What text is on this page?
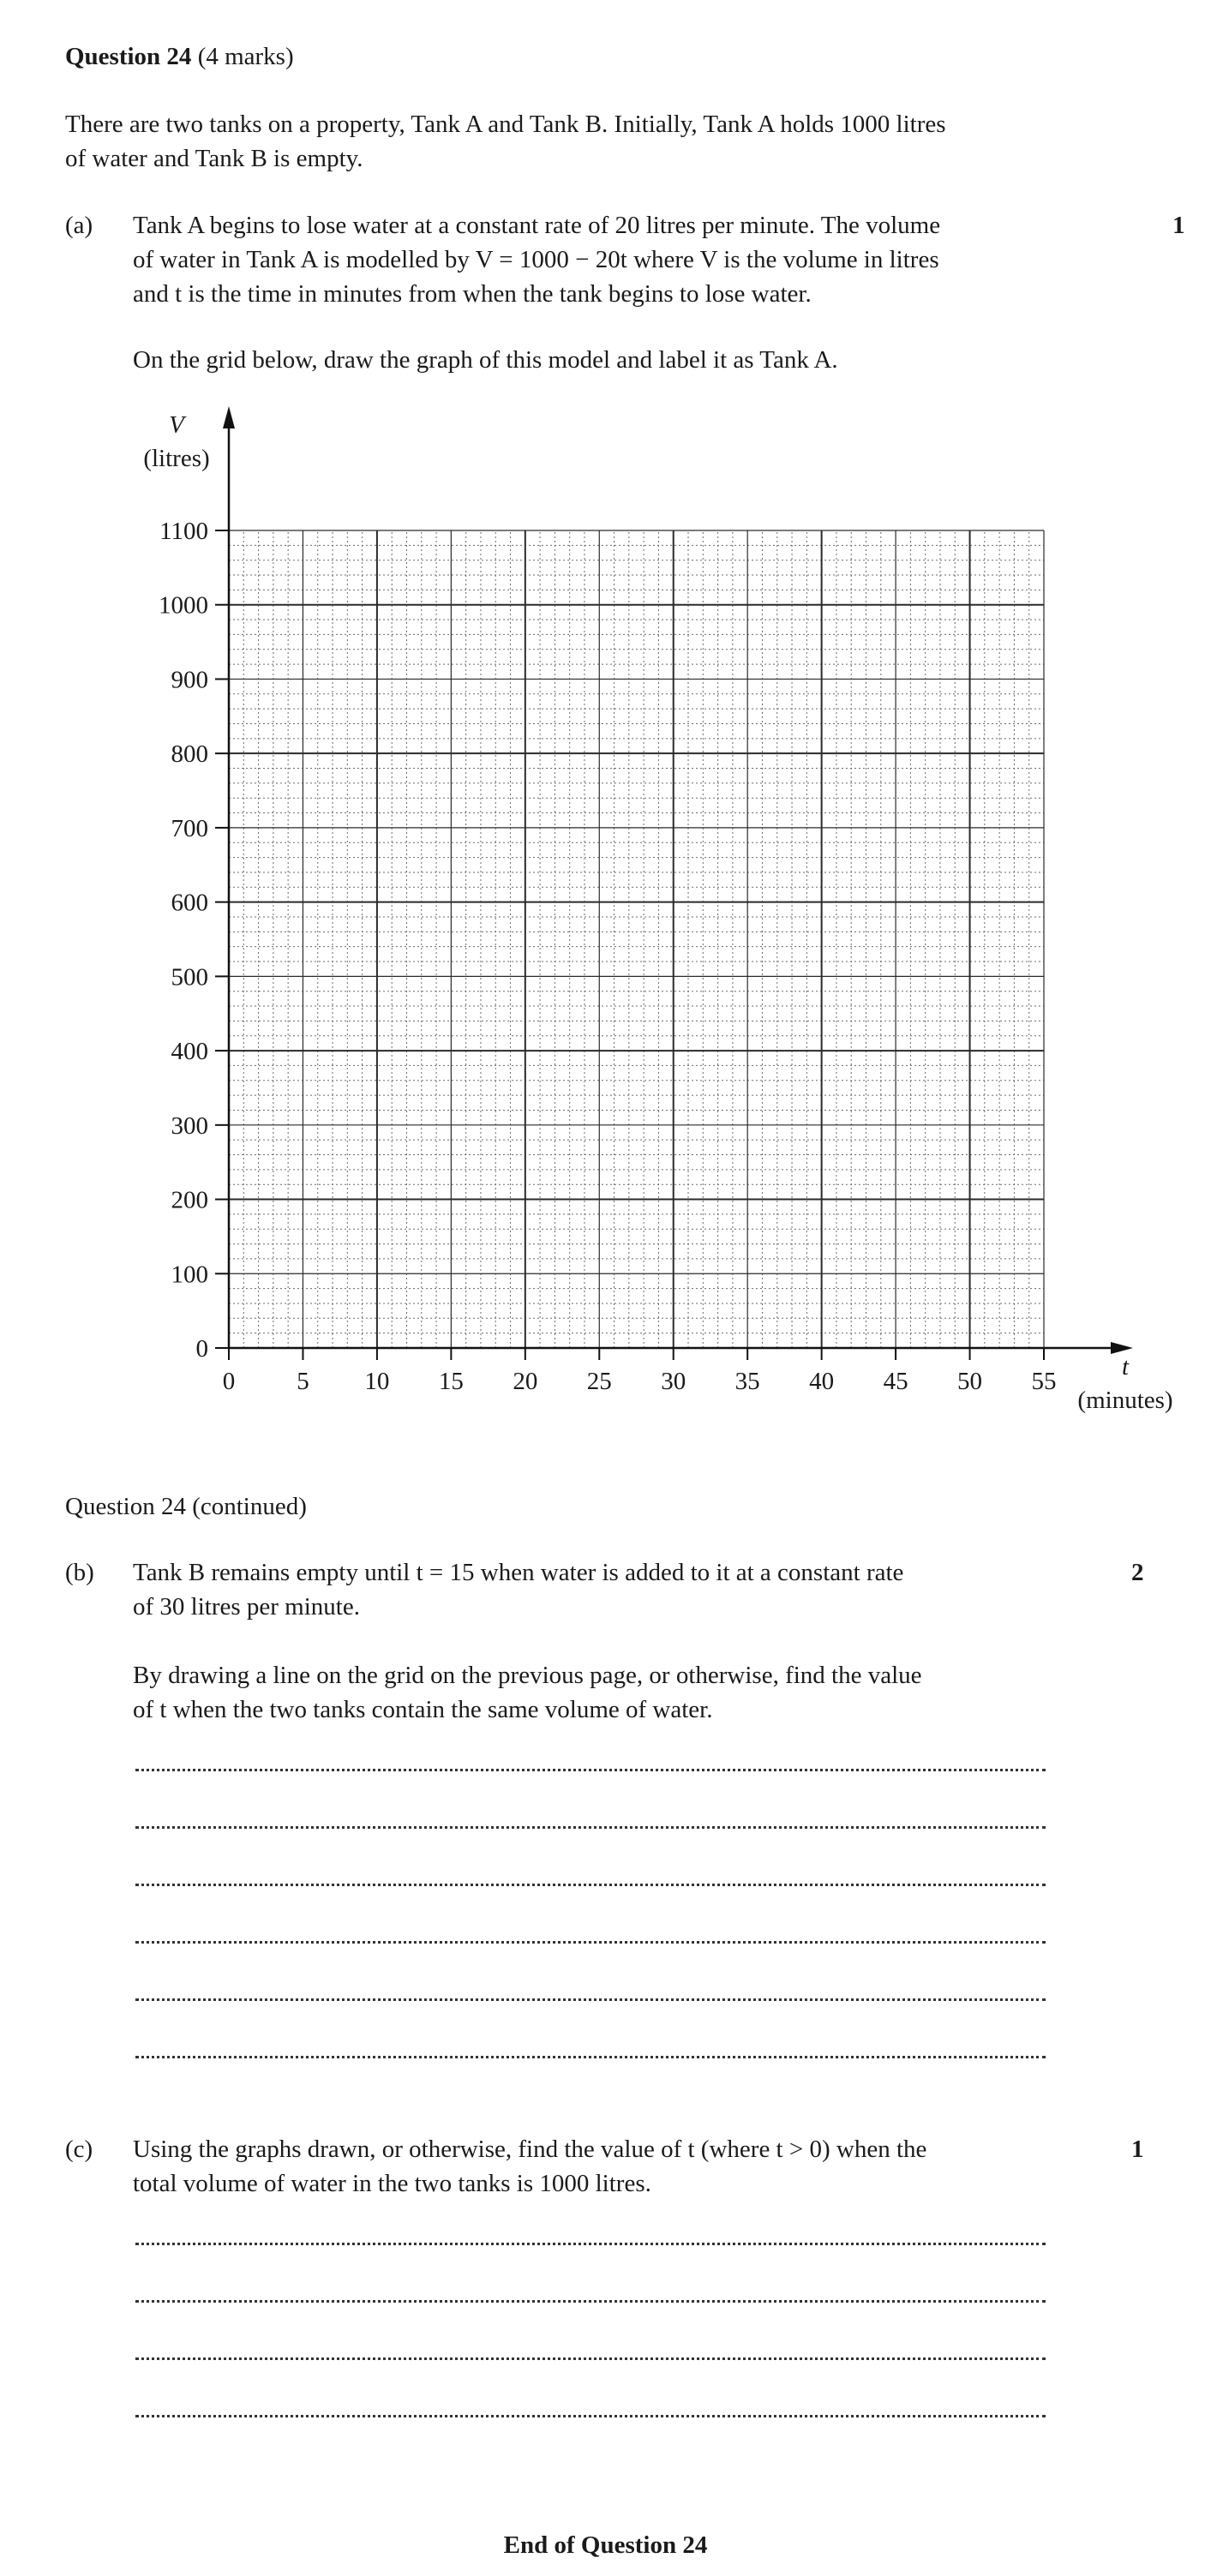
Question 24 (4 marks)
There are two tanks on a property, Tank A and Tank B. Initially, Tank A holds 1000 litres
of water and Tank B is empty.
(a)	1
Tank A begins to lose water at a constant rate of 20 litres per minute. The volume
of water in Tank A is modelled by V = 1000 − 20t where V is the volume in litres
and t is the time in minutes from when the tank begins to lose water.
On the grid below, draw the graph of this model and label it as Tank A.
0
100
200
300
400
500
600
700
800
900
1000
1100
0 5 10 15 20 25 30 35 40 45 50 55
V
(litres)
t
(minutes)
Question 24 (continued)
(b)	2
Tank B remains empty until t = 15 when water is added to it at a constant rate
of 30 litres per minute.
By drawing a line on the grid on the previous page, or otherwise, find the value
of t when the two tanks contain the same volume of water.
(c)	1
Using the graphs drawn, or otherwise, find the value of t (where t > 0) when the
total volume of water in the two tanks is 1000 litres.
End of Question 24
